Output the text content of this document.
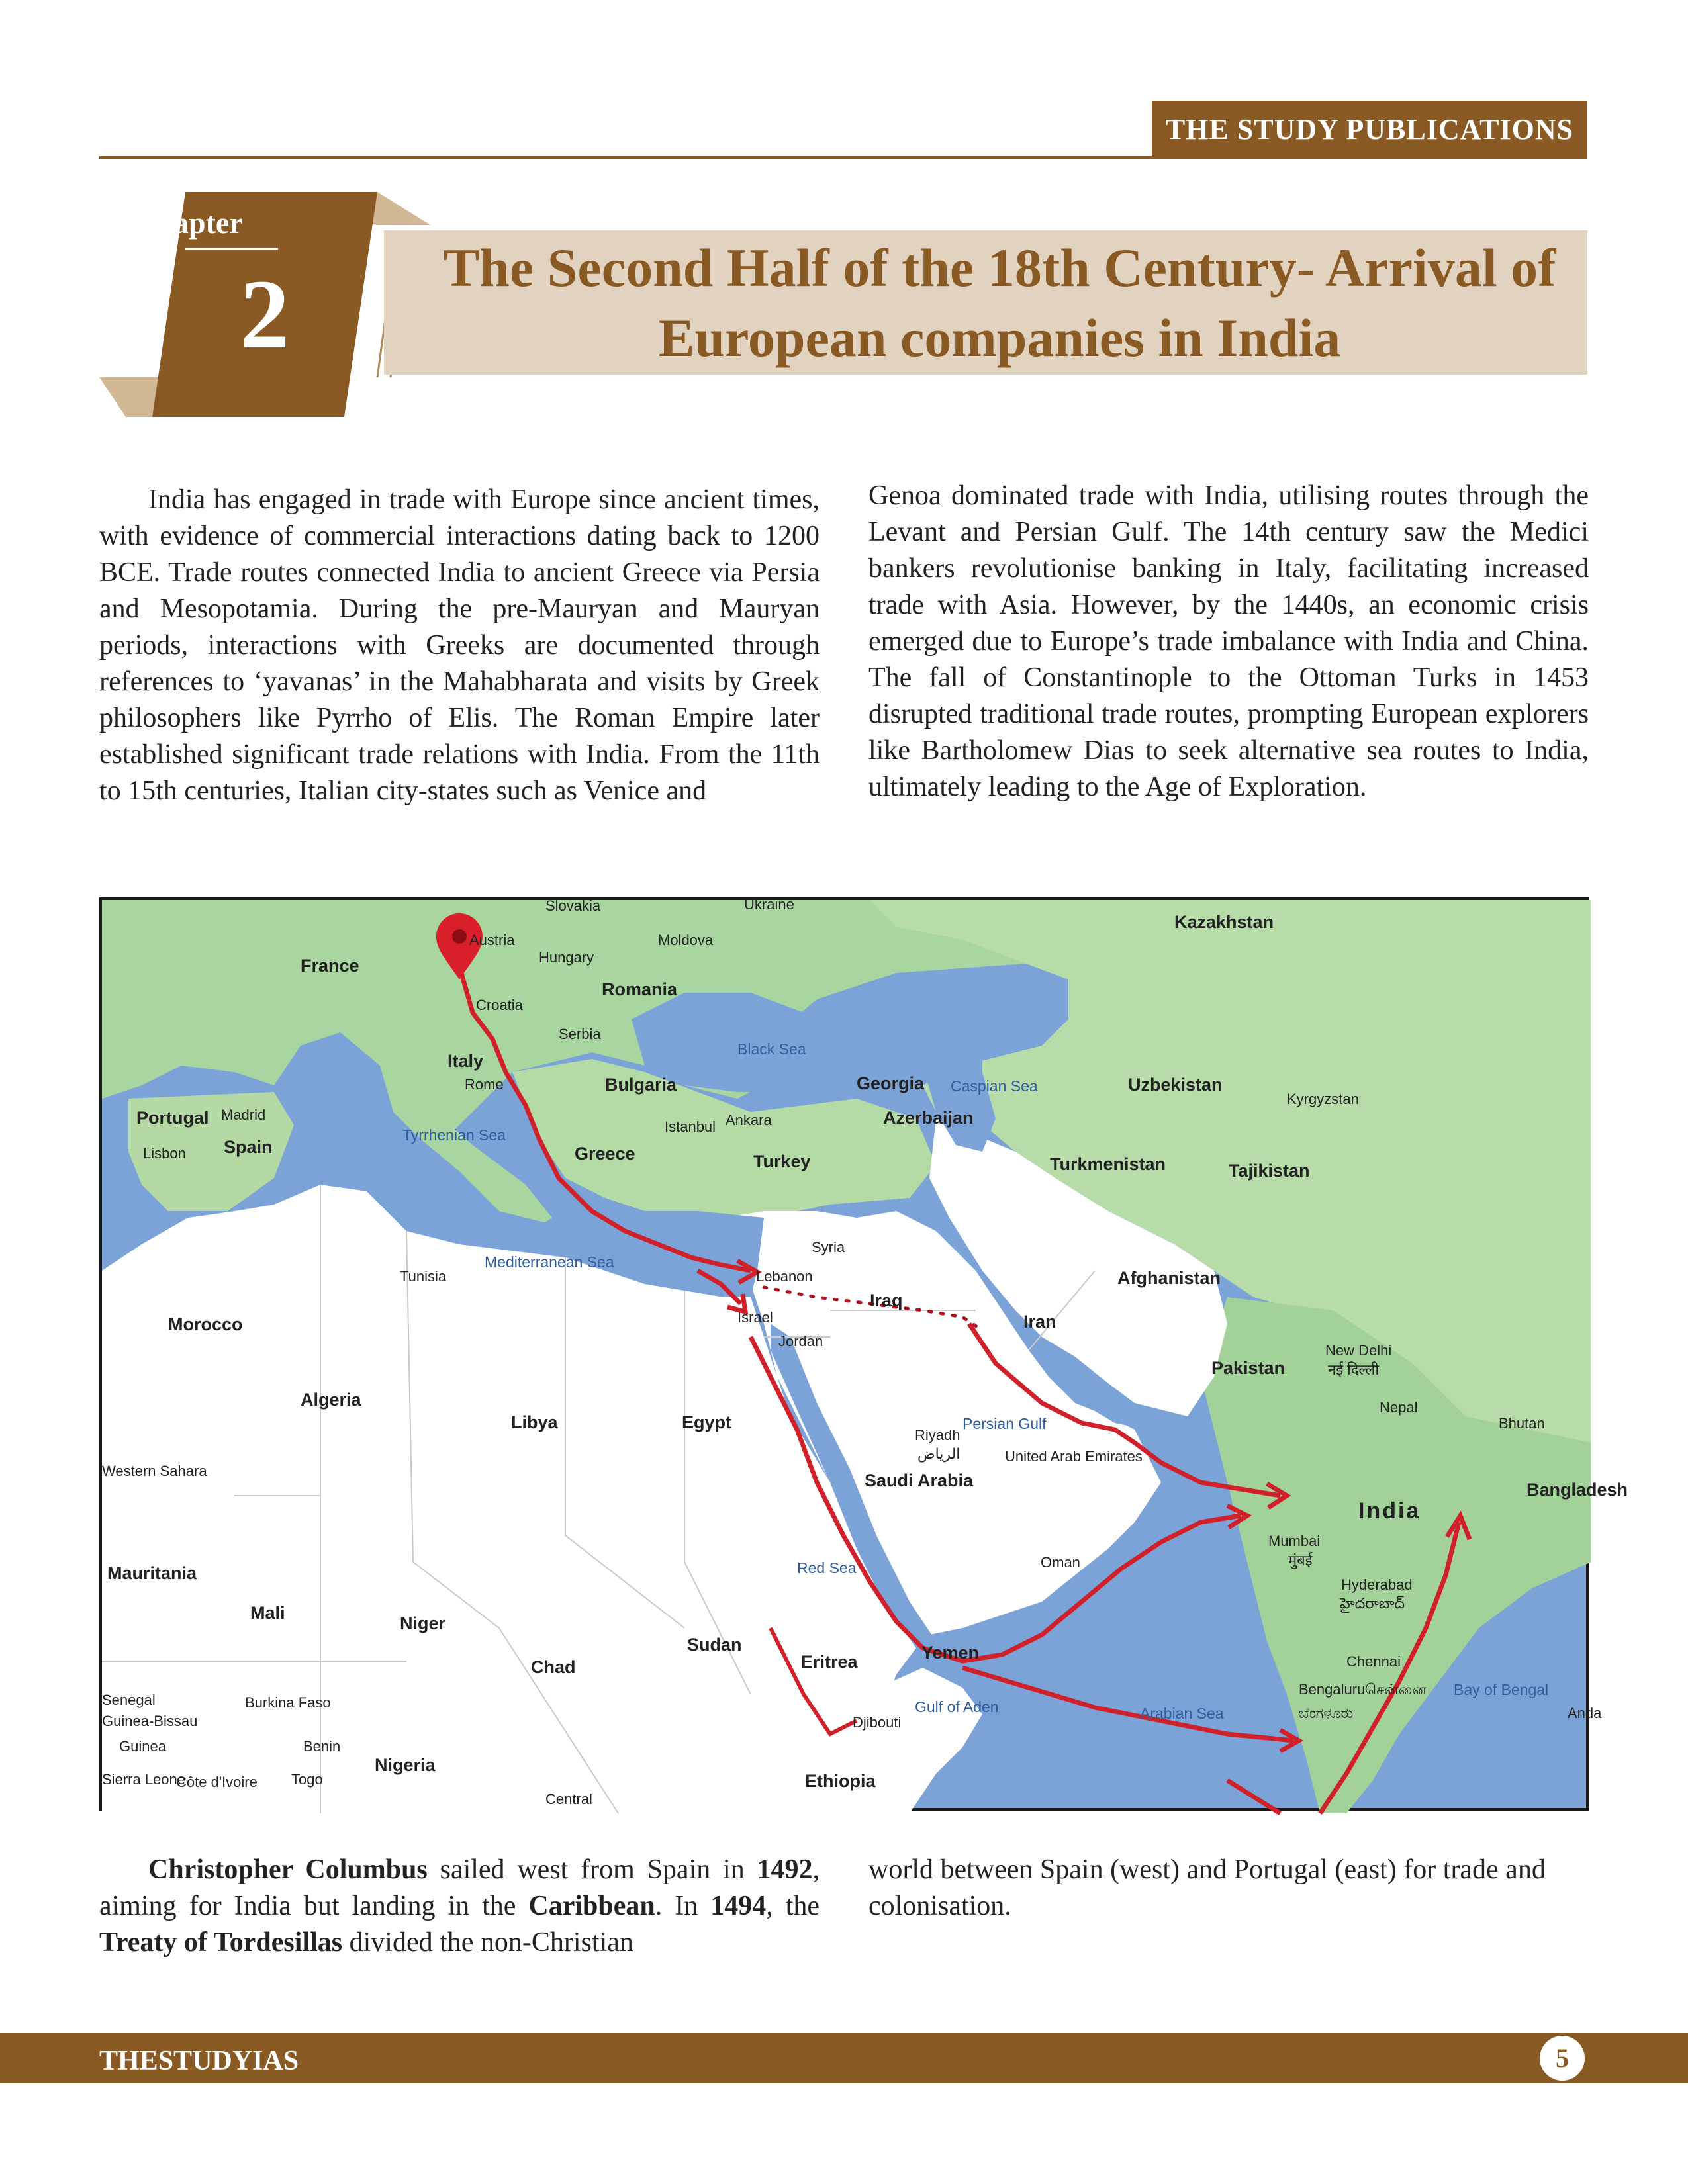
THE STUDY PUBLICATIONS
Chapter
2	The Second Half of the 18th Century- Arrival of European companies in India

India has engaged in trade with Europe since ancient times, with evidence of commercial interactions dating back to 1200 BCE. Trade routes connected India to ancient Greece via Persia and Mesopotamia. During the pre-Mauryan and Mauryan periods, interactions with Greeks are documented through references to ‘yavanas’ in the Mahabharata and visits by Greek philosophers like Pyrrho of Elis. The Roman Empire later established significant trade relations with India. From the 11th to 15th centuries, Italian city-states such as Venice and

Genoa dominated trade with India, utilising routes through the Levant and Persian Gulf. The 14th century saw the Medici bankers revolutionise banking in Italy, facilitating increased trade with Asia. However, by the 1440s, an economic crisis emerged due to Europe’s trade imbalance with India and China. The fall of Constantinople to the Ottoman Turks in 1453 disrupted traditional trade routes, prompting European explorers like Bartholomew Dias to seek alternative sea routes to India, ultimately leading to the Age of Exploration.

Slovakia	Ukraine
Kazakhstan
Austria
Hungary
Moldova
France
Romania
Croatia
Serbia
Italy
Rome	Bulgaria
Black Sea
Georgia Caspian Sea	Uzbekistan
Kyrgyzstan
Portugal Madrid
Spain
Lisbon
Istanbul Ankara
Tyrrhenian Sea
Azerbaijan
Greece	Turkey	Turkmenistan	Tajikistan
Syria
Mediterranean Sea
Tunisia	Lebanon	Afghanistan
Iraq
Israel	Iran
Morocco
Jordan
New Delhi
नई दिल्ली
Pakistan
Algeria	Nepal
Bhutan
Libya	Egypt	Persian Gulf
Riyadh
الرياض	United Arab Emirates
Western Sahara	Saudi Arabia	Bangladesh
India
Mumbai
मुंबई
Red Sea	Oman
Mauritania
Hyderabad
హైదరాబాద్
Mali
Niger
Sudan	Yemen	Chennai
Eritrea
Chad
Bengaluru சென்னை Bay of Bengal
Senegal	Burkina Faso	Gulf of Aden	Arabian Sea	ಬೆಂಗಳೂರು	Anda
Guinea-Bissau	Djibouti
Guinea	Benin
Nigeria
Sierra Leone
Côte d'Ivoire Togo	Ethiopia
Central

Christopher Columbus sailed west from Spain in 1492, aiming for India but landing in the Caribbean. In 1494, the Treaty of Tordesillas divided the non-Christian

world between Spain (west) and Portugal (east) for trade and colonisation.

THESTUDYIAS	5
